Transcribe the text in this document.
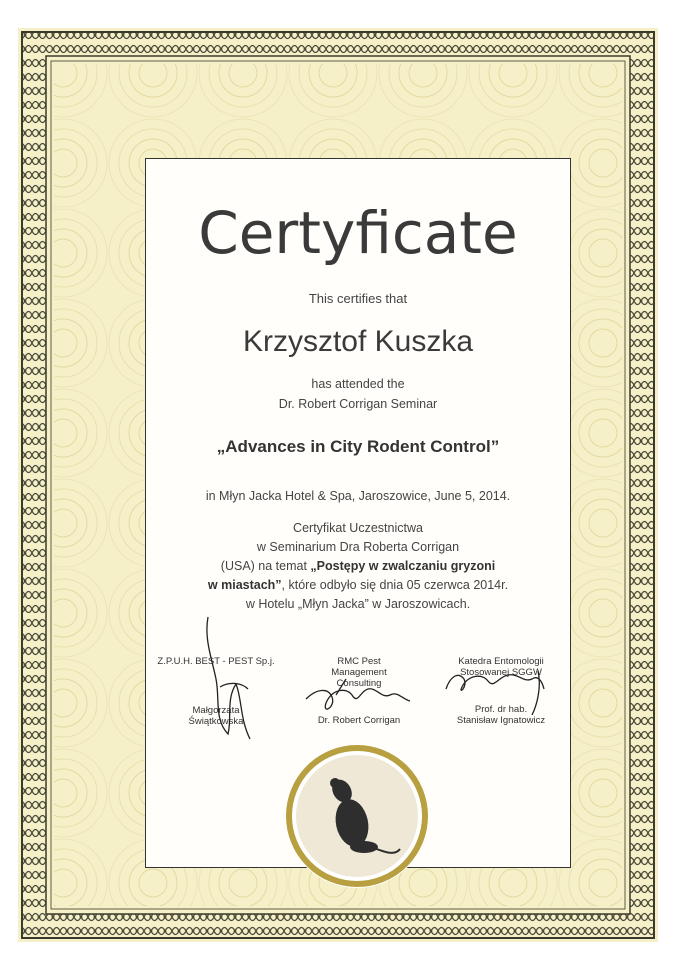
Certyficate

This certifies that

Krzysztof Kuszka

has attended the

Dr. Robert Corrigan Seminar

„Advances in City Rodent Control”

in Młyn Jacka Hotel & Spa, Jaroszowice, June 5, 2014.

Certyfikat Uczestnictwa

w Seminarium Dra Roberta Corrigan

(USA) na temat „Postępy w zwalczaniu gryzoni

w miastach”, które odbyło się dnia 05 czerwca 2014r.

w Hotelu „Młyn Jacka” w Jaroszowicach.

Z.P.U.H. BEST - PEST Sp.j.
Małgorzata
Świątkowska
RMC Pest
Management
Consulting
Dr. Robert Corrigan
Katedra Entomologii
Stosowanej SGGW
Prof. dr hab.
Stanisław Ignatowicz
